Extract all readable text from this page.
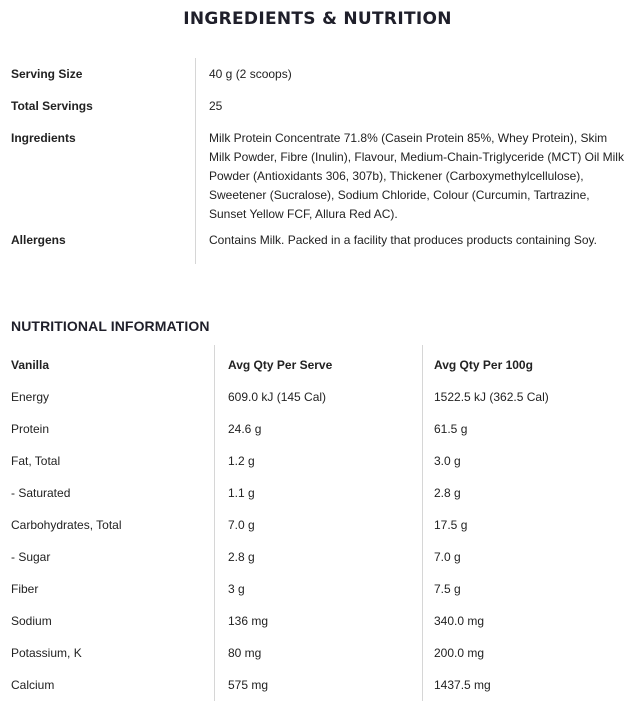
INGREDIENTS & NUTRITION
Serving Size	40 g (2 scoops)
Total Servings	25
Ingredients	Milk Protein Concentrate 71.8% (Casein Protein 85%, Whey Protein), Skim Milk Powder, Fibre (Inulin), Flavour, Medium-Chain-Triglyceride (MCT) Oil Milk Powder (Antioxidants 306, 307b), Thickener (Carboxymethylcellulose), Sweetener (Sucralose), Sodium Chloride, Colour (Curcumin, Tartrazine, Sunset Yellow FCF, Allura Red AC).
Allergens	Contains Milk. Packed in a facility that produces products containing Soy.
NUTRITIONAL INFORMATION
Vanilla	Avg Qty Per Serve	Avg Qty Per 100g
Energy	609.0 kJ (145 Cal)	1522.5 kJ (362.5 Cal)
Protein	24.6 g	61.5 g
Fat, Total	1.2 g	3.0 g
- Saturated	1.1 g	2.8 g
Carbohydrates, Total	7.0 g	17.5 g
- Sugar	2.8 g	7.0 g
Fiber	3 g	7.5 g
Sodium	136 mg	340.0 mg
Potassium, K	80 mg	200.0 mg
Calcium	575 mg	1437.5 mg
